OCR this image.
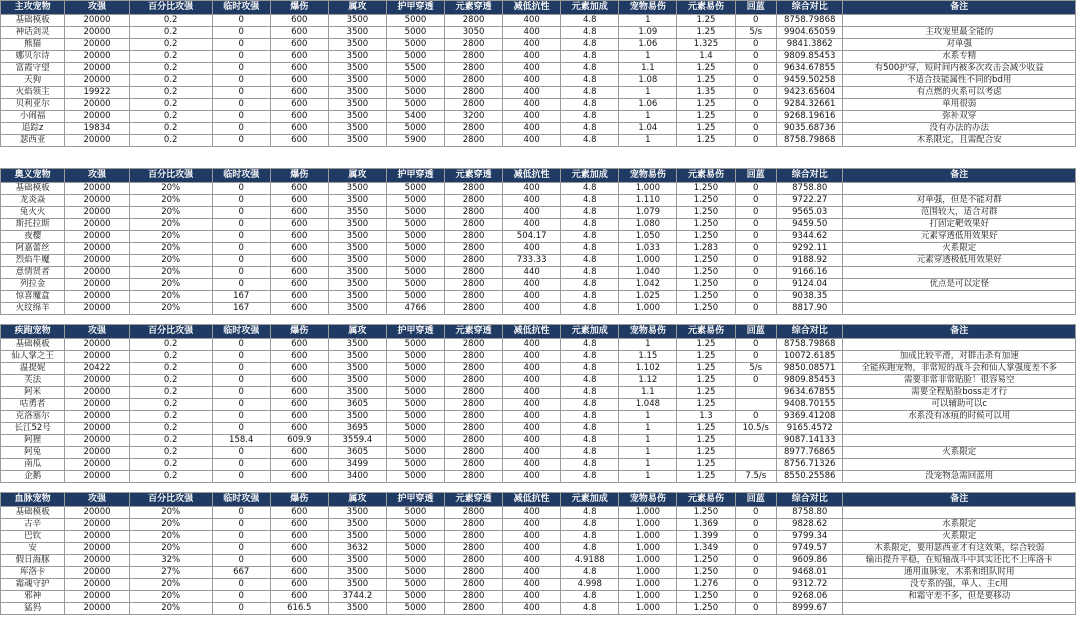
主攻宠物	攻强	百分比攻强	临时攻强	爆伤	属攻	护甲穿透	元素穿透	减低抗性	元素加成	宠物易伤	元素易伤	回蓝	综合对比	备注
基础模板	20000	0.2	0	600	3500	5000	2800	400	4.8	1	1.25	0	8758.79868	
神话剑灵	20000	0.2	0	600	3500	5000	3050	400	4.8	1.09	1.25	5/s	9904.65059	主攻宠里最全能的
熊猫	20000	0.2	0	600	3500	5000	2800	400	4.8	1.06	1.325	0	9841.3862	对单强
娜贝尔诗	20000	0.2	0	600	3500	5000	2800	400	4.8	1	1.4	0	9809.85453	水系专精
富霞守望	20000	0.2	0	600	3500	5500	2800	400	4.8	1.1	1.25	0	9634.67855	有500护穿，短时间内被多次攻击会减少收益
天狗	20000	0.2	0	600	3500	5000	2800	400	4.8	1.08	1.25	0	9459.50258	不适合技能属性不同的bd用
火焰领主	19922	0.2	0	600	3500	5000	2800	400	4.8	1	1.35	0	9423.65604	有点燃的火系可以考虑
贝利亚尔	20000	0.2	0	600	3500	5000	2800	400	4.8	1.06	1.25	0	9284.32661	单用很弱
小闹福	20000	0.2	0	600	3500	5400	3200	400	4.8	1	1.25	0	9268.19616	弥补双穿
追踪z	19834	0.2	0	600	3500	5000	2800	400	4.8	1.04	1.25	0	9035.68736	没有办法的办法
瑟西亚	20000	0.2	0	600	3500	5900	2800	400	4.8	1	1.25	0	8758.79868	木系限定，且需配合安
奥义宠物	攻强	百分比攻强	临时攻强	爆伤	属攻	护甲穿透	元素穿透	减低抗性	元素加成	宠物易伤	元素易伤	回蓝	综合对比	备注
基础模板	20000	20%	0	600	3500	5000	2800	400	4.8	1.000	1.250	0	8758.80	
龙炎焱	20000	20%	0	600	3500	5000	2800	400	4.8	1.110	1.250	0	9722.27	对单强，但是不能对群
兔火火	20000	20%	0	600	3550	5000	2800	400	4.8	1.079	1.250	0	9565.03	范围较大，适合对群
斯托拉斯	20000	20%	0	600	3500	5000	2800	400	4.8	1.080	1.250	0	9459.50	打固定靶效果好
夜樱	20000	20%	0	600	3500	5000	2800	504.17	4.8	1.050	1.250	0	9344.62	元素穿透低用效果好
阿嘉蕾丝	20000	20%	0	600	3500	5000	2800	400	4.8	1.033	1.283	0	9292.11	火系限定
烈焰牛魔	20000	20%	0	600	3500	5000	2800	733.33	4.8	1.000	1.250	0	9188.92	元素穿透极低用效果好
意情贤者	20000	20%	0	600	3500	5000	2800	440	4.8	1.040	1.250	0	9166.16	
列拉金	20000	20%	0	600	3500	5000	2800	400	4.8	1.042	1.250	0	9124.04	优点是可以定怪
惊喜魔盒	20000	20%	167	600	3500	5000	2800	400	4.8	1.025	1.250	0	9038.35	
火纹绵羊	20000	20%	167	600	3500	4766	2800	400	4.8	1.000	1.250	0	8817.90	
疾跑宠物	攻强	百分比攻强	临时攻强	爆伤	属攻	护甲穿透	元素穿透	减低抗性	元素加成	宠物易伤	元素易伤	回蓝	综合对比	备注
基础模板	20000	0.2	0	600	3500	5000	2800	400	4.8	1	1.25	0	8758.79868	
仙人掌之王	20000	0.2	0	600	3500	5000	2800	400	4.8	1.15	1.25	0	10072.6185	加成比较平滑，对群击杀有加速
温提妮	20422	0.2	0	600	3500	5000	2800	400	4.8	1.102	1.25	5/s	9850.08571	全能疾跑宠物，非常短的战斗会和仙人掌强度差不多
芙法	20000	0.2	0	600	3500	5000	2800	400	4.8	1.12	1.25	0	9809.85453	需要非常非常贴脸！很容易空
阿米	20000	0.2	0	600	3500	5000	2800	400	4.8	1.1	1.25		9634.67855	需要全程贴脸boss走才行
咕勇者	20000	0.2	0	600	3605	5000	2800	400	4.8	1.048	1.25		9408.70155	可以辅助可以c
克洛塞尔	20000	0.2	0	600	3500	5000	2800	400	4.8	1	1.3	0	9369.41208	水系没有冰痕的时候可以用
长江52号	20000	0.2	0	600	3695	5000	2800	400	4.8	1	1.25	10.5/s	9165.4572	
阿狸	20000	0.2	158.4	609.9	3559.4	5000	2800	400	4.8	1	1.25		9087.14133	
阿兔	20000	0.2	0	600	3605	5000	2800	400	4.8	1	1.25		8977.76865	火系限定
南瓜	20000	0.2	0	600	3499	5000	2800	400	4.8	1	1.25		8756.71326	
企鹅	20000	0.2	0	600	3400	5000	2800	400	4.8	1	1.25	7.5/s	8550.25586	没宠物急需回蓝用
血脉宠物	攻强	百分比攻强	临时攻强	爆伤	属攻	护甲穿透	元素穿透	减低抗性	元素加成	宠物易伤	元素易伤	回蓝	综合对比	备注
基础模板	20000	20%	0	600	3500	5000	2800	400	4.8	1.000	1.250	0	8758.80	
古辛	20000	20%	0	600	3500	5000	2800	400	4.8	1.000	1.369	0	9828.62	水系限定
巴钦	20000	20%	0	600	3500	5000	2800	400	4.8	1.000	1.399	0	9799.34	火系限定
安	20000	20%	0	600	3632	5000	2800	400	4.8	1.000	1.349	0	9749.57	木系限定，要用瑟西亚才有这效果，综合较弱
假日海豚	20000	32%	0	600	3500	5000	2800	400	4.9188	1.000	1.250	0	9609.86	输出提升平稳，在短轴战斗中其实还比不上库洛卡
库洛卡	20000	27%	667	600	3500	5000	2800	400	4.8	1.000	1.250	0	9468.01	通用血脉宠，木系和组队时用
霜魂守护	20000	20%	0	600	3500	5000	2800	400	4.998	1.000	1.276	0	9312.72	没专系的强，单人、主c用
邪神	20000	20%	0	600	3744.2	5000	2800	400	4.8	1.000	1.250	0	9268.06	和霜守差不多，但是要移动
猛犸	20000	20%	0	616.5	3500	5000	2800	400	4.8	1.000	1.250	0	8999.67	
